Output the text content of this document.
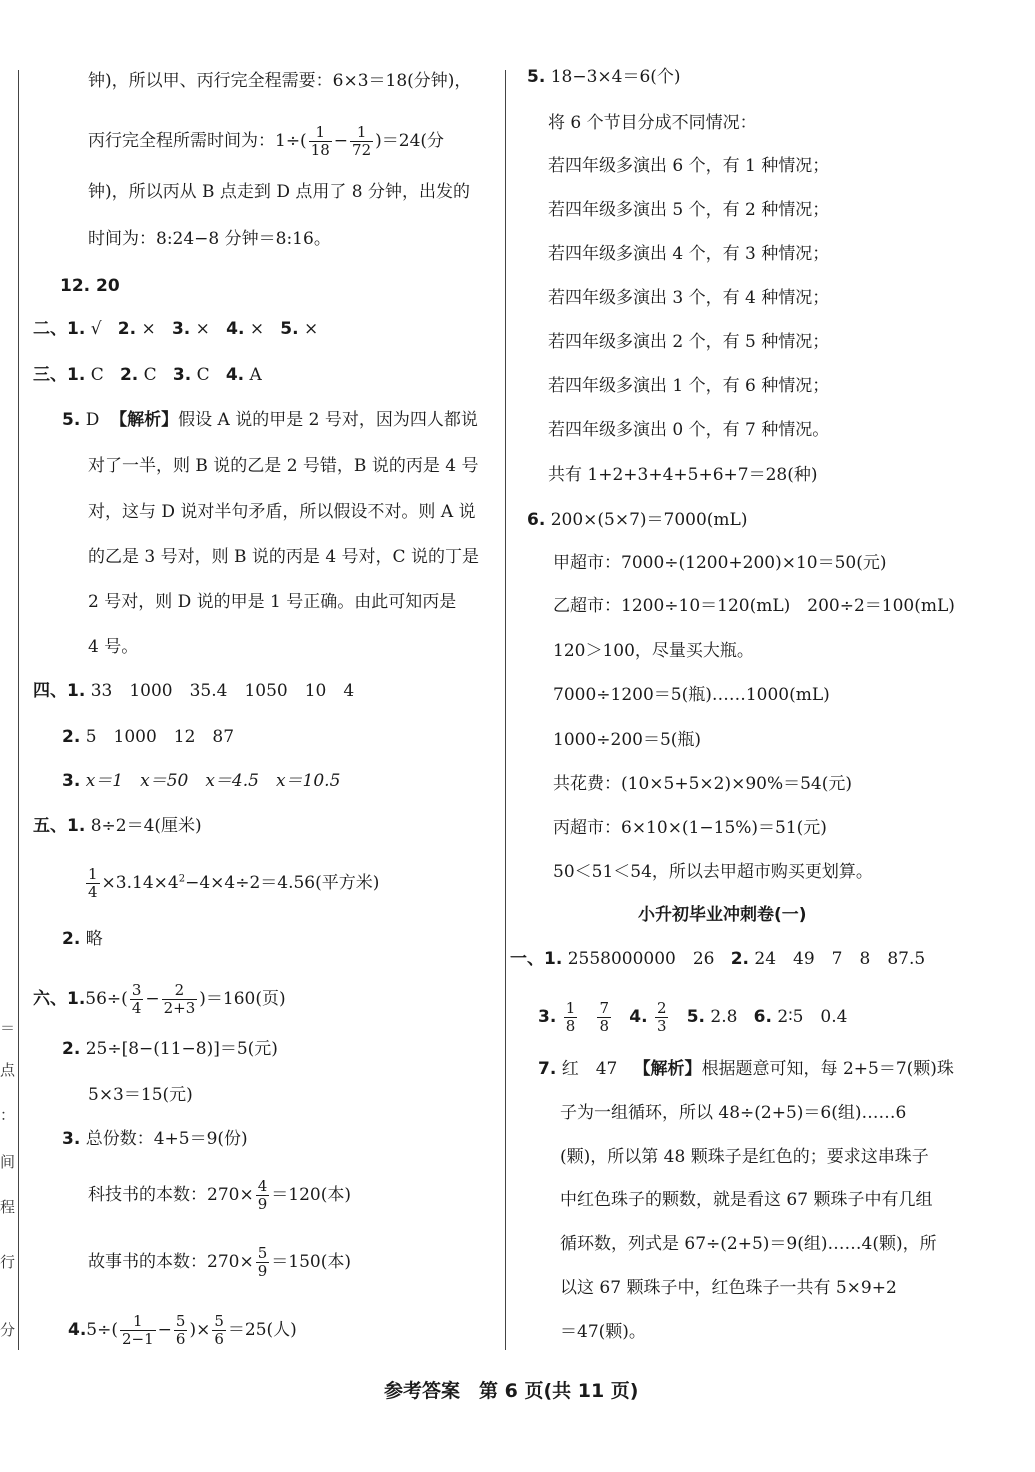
＝
点
：
间
程
行
分
钟)，所以甲、丙行完全程需要：6×3＝18(分钟)，
丙行完全程所需时间为：$1\div( \frac{1}{18} - \frac{1}{72} )=24$(分
钟)，所以丙从 B 点走到 D 点用了 8 分钟，出发的
时间为：8:24−8 分钟＝8:16。
12. 20
二、1. √ 2. × 3. × 4. × 5. ×
三、1. C 2. C 3. C 4. A
5. D 【解析】假设 A 说的甲是 2 号对，因为四人都说
对了一半，则 B 说的乙是 2 号错，B 说的丙是 4 号
对，这与 D 说对半句矛盾，所以假设不对。则 A 说
的乙是 3 号对，则 B 说的丙是 4 号对，C 说的丁是
2 号对，则 D 说的甲是 1 号正确。由此可知丙是
4 号。
四、1. 33　1000　35.4　1050　10　4
2. 5　1000　12　87
3. x＝1　x＝50　x＝4.5　x＝10.5
五、1. 8÷2＝4(厘米)
$\frac{1}{4} \times 3.14\times 4^2-4\times 4\div 2=4.56$(平方米)
2. 略
六、$1.56\div( \frac{3}{4} - \frac{2}{2+3} )=160$(页)
2. 25÷[8−(11−8)]＝5(元)
5×3＝15(元)
3. 总份数：4+5＝9(份)
科技书的本数：$270\times \frac{4}{9} =120$(本)
故事书的本数：$270\times \frac{5}{9} =150$(本)
$4.5\div( \frac{1}{2-1} - \frac{5}{6}$ )× $\frac{5}{6} =25$(人)
5. 18−3×4＝6(个)
将 6 个节目分成不同情况：
若四年级多演出 6 个，有 1 种情况；
若四年级多演出 5 个，有 2 种情况；
若四年级多演出 4 个，有 3 种情况；
若四年级多演出 3 个，有 4 种情况；
若四年级多演出 2 个，有 5 种情况；
若四年级多演出 1 个，有 6 种情况；
若四年级多演出 0 个，有 7 种情况。
共有 1+2+3+4+5+6+7＝28(种)
6. 200×(5×7)＝7000(mL)
甲超市：7000÷(1200+200)×10＝50(元)
乙超市：1200÷10＝120(mL)　200÷2＝100(mL)
120＞100，尽量买大瓶。
7000÷1200＝5(瓶)……1000(mL)
1000÷200＝5(瓶)
共花费：(10×5+5×2)×90%＝54(元)
丙超市：6×10×(1−15%)＝51(元)
50＜51＜54，所以去甲超市购买更划算。
小升初毕业冲刺卷(一)
一、1. 2558000000　26 2. 24　49　7　8　87.5
3. $\frac{1}{8}$
$\frac{7}{8} 4$. $\frac{2}{3} 5$. 2.8 6. 2∶5　0.4
7. 红　47 【解析】根据题意可知，每 2+5＝7(颗)珠
子为一组循环，所以 48÷(2+5)＝6(组)……6
(颗)，所以第 48 颗珠子是红色的；要求这串珠子
中红色珠子的颗数，就是看这 67 颗珠子中有几组
循环数，列式是 67÷(2+5)＝9(组)……4(颗)，所
以这 67 颗珠子中，红色珠子一共有 5×9+2
＝47(颗)。
参考答案　第 6 页(共 11 页)
